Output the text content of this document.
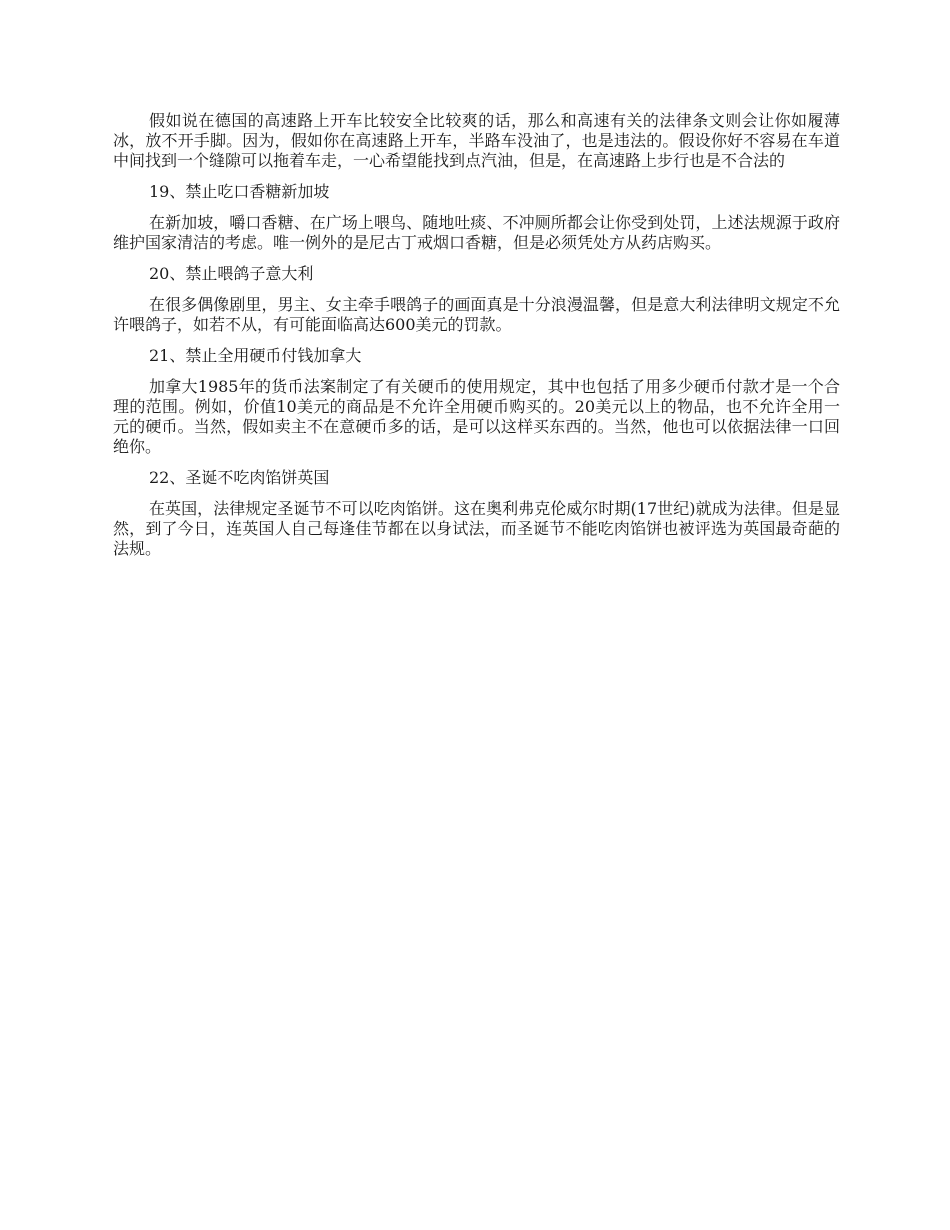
假如说在德国的高速路上开车比较安全比较爽的话，那么和高速有关的法律条文则会让你如履薄冰，放不开手脚。因为，假如你在高速路上开车，半路车没油了，也是违法的。假设你好不容易在车道中间找到一个缝隙可以拖着车走，一心希望能找到点汽油，但是，在高速路上步行也是不合法的

19、禁止吃口香糖新加坡

在新加坡，嚼口香糖、在广场上喂鸟、随地吐痰、不冲厕所都会让你受到处罚，上述法规源于政府维护国家清洁的考虑。唯一例外的是尼古丁戒烟口香糖，但是必须凭处方从药店购买。

20、禁止喂鸽子意大利

在很多偶像剧里，男主、女主牵手喂鸽子的画面真是十分浪漫温馨，但是意大利法律明文规定不允许喂鸽子，如若不从，有可能面临高达600美元的罚款。

21、禁止全用硬币付钱加拿大

加拿大1985年的货币法案制定了有关硬币的使用规定，其中也包括了用多少硬币付款才是一个合理的范围。例如，价值10美元的商品是不允许全用硬币购买的。20美元以上的物品，也不允许全用一元的硬币。当然，假如卖主不在意硬币多的话，是可以这样买东西的。当然，他也可以依据法律一口回绝你。

22、圣诞不吃肉馅饼英国

在英国，法律规定圣诞节不可以吃肉馅饼。这在奥利弗克伦威尔时期(17世纪)就成为法律。但是显然，到了今日，连英国人自己每逢佳节都在以身试法，而圣诞节不能吃肉馅饼也被评选为英国最奇葩的法规。
